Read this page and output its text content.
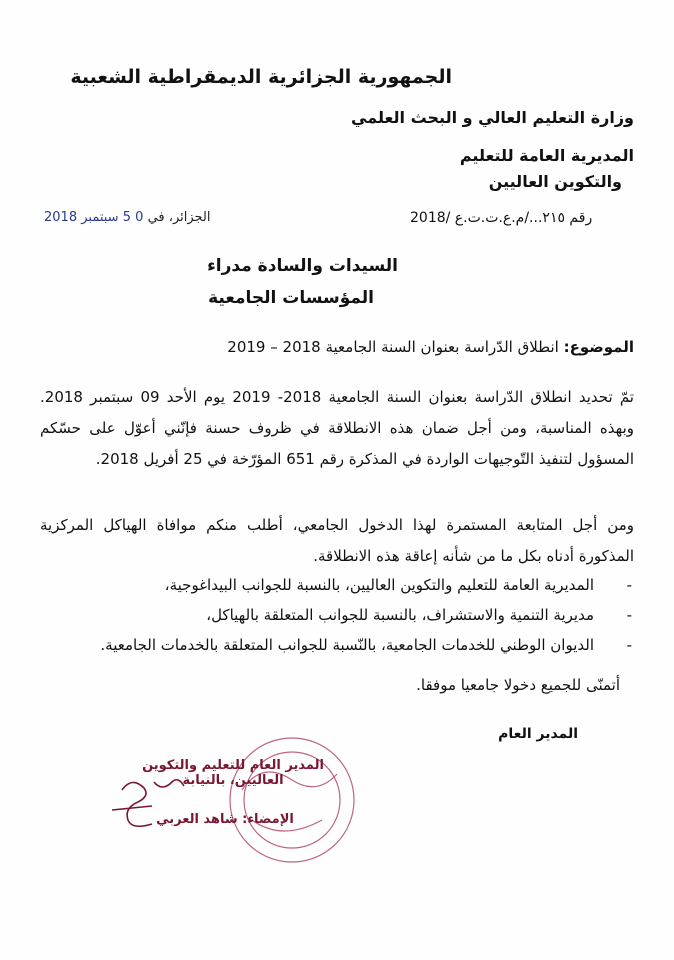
الجمهورية الجزائرية الديمقراطية الشعبية
وزارة التعليم العالي و البحث العلمي
المديرية العامة للتعليم
والتكوين العاليين
رقم ٢١٥.../م.ع.ت.ت.ع /2018
الجزائر، في 0 5 سبتمبر 2018
السيدات والسادة مدراء
المؤسسات الجامعية
الموضوع: انطلاق الدّراسة بعنوان السنة الجامعية 2018 – 2019
تمّ تحديد انطلاق الدّراسة بعنوان السنة الجامعية 2018- 2019 يوم الأحد 09 سبتمبر 2018. وبهذه المناسبة، ومن أجل ضمان هذه الانطلاقة في ظروف حسنة فإنّني أعوّل على حسّكم المسؤول لتنفيذ التّوجيهات الواردة في المذكرة رقم 651 المؤرّخة في 25 أفريل 2018.
ومن أجل المتابعة المستمرة لهذا الدخول الجامعي، أطلب منكم موافاة الهياكل المركزية المذكورة أدناه بكل ما من شأنه إعاقة هذه الانطلاقة.
-
المديرية العامة للتعليم والتكوين العاليين، بالنسبة للجوانب البيداغوجية،
-
مديرية التنمية والاستشراف، بالنسبة للجوانب المتعلقة بالهياكل،
-
الديوان الوطني للخدمات الجامعية، بالنّسبة للجوانب المتعلقة بالخدمات الجامعية.
أتمنّى للجميع دخولا جامعيا موفقا.
المدير العام
المدير العام للتعليم والتكوين العاليين، بالنيابة
الإمضاء: شاهد العربي
